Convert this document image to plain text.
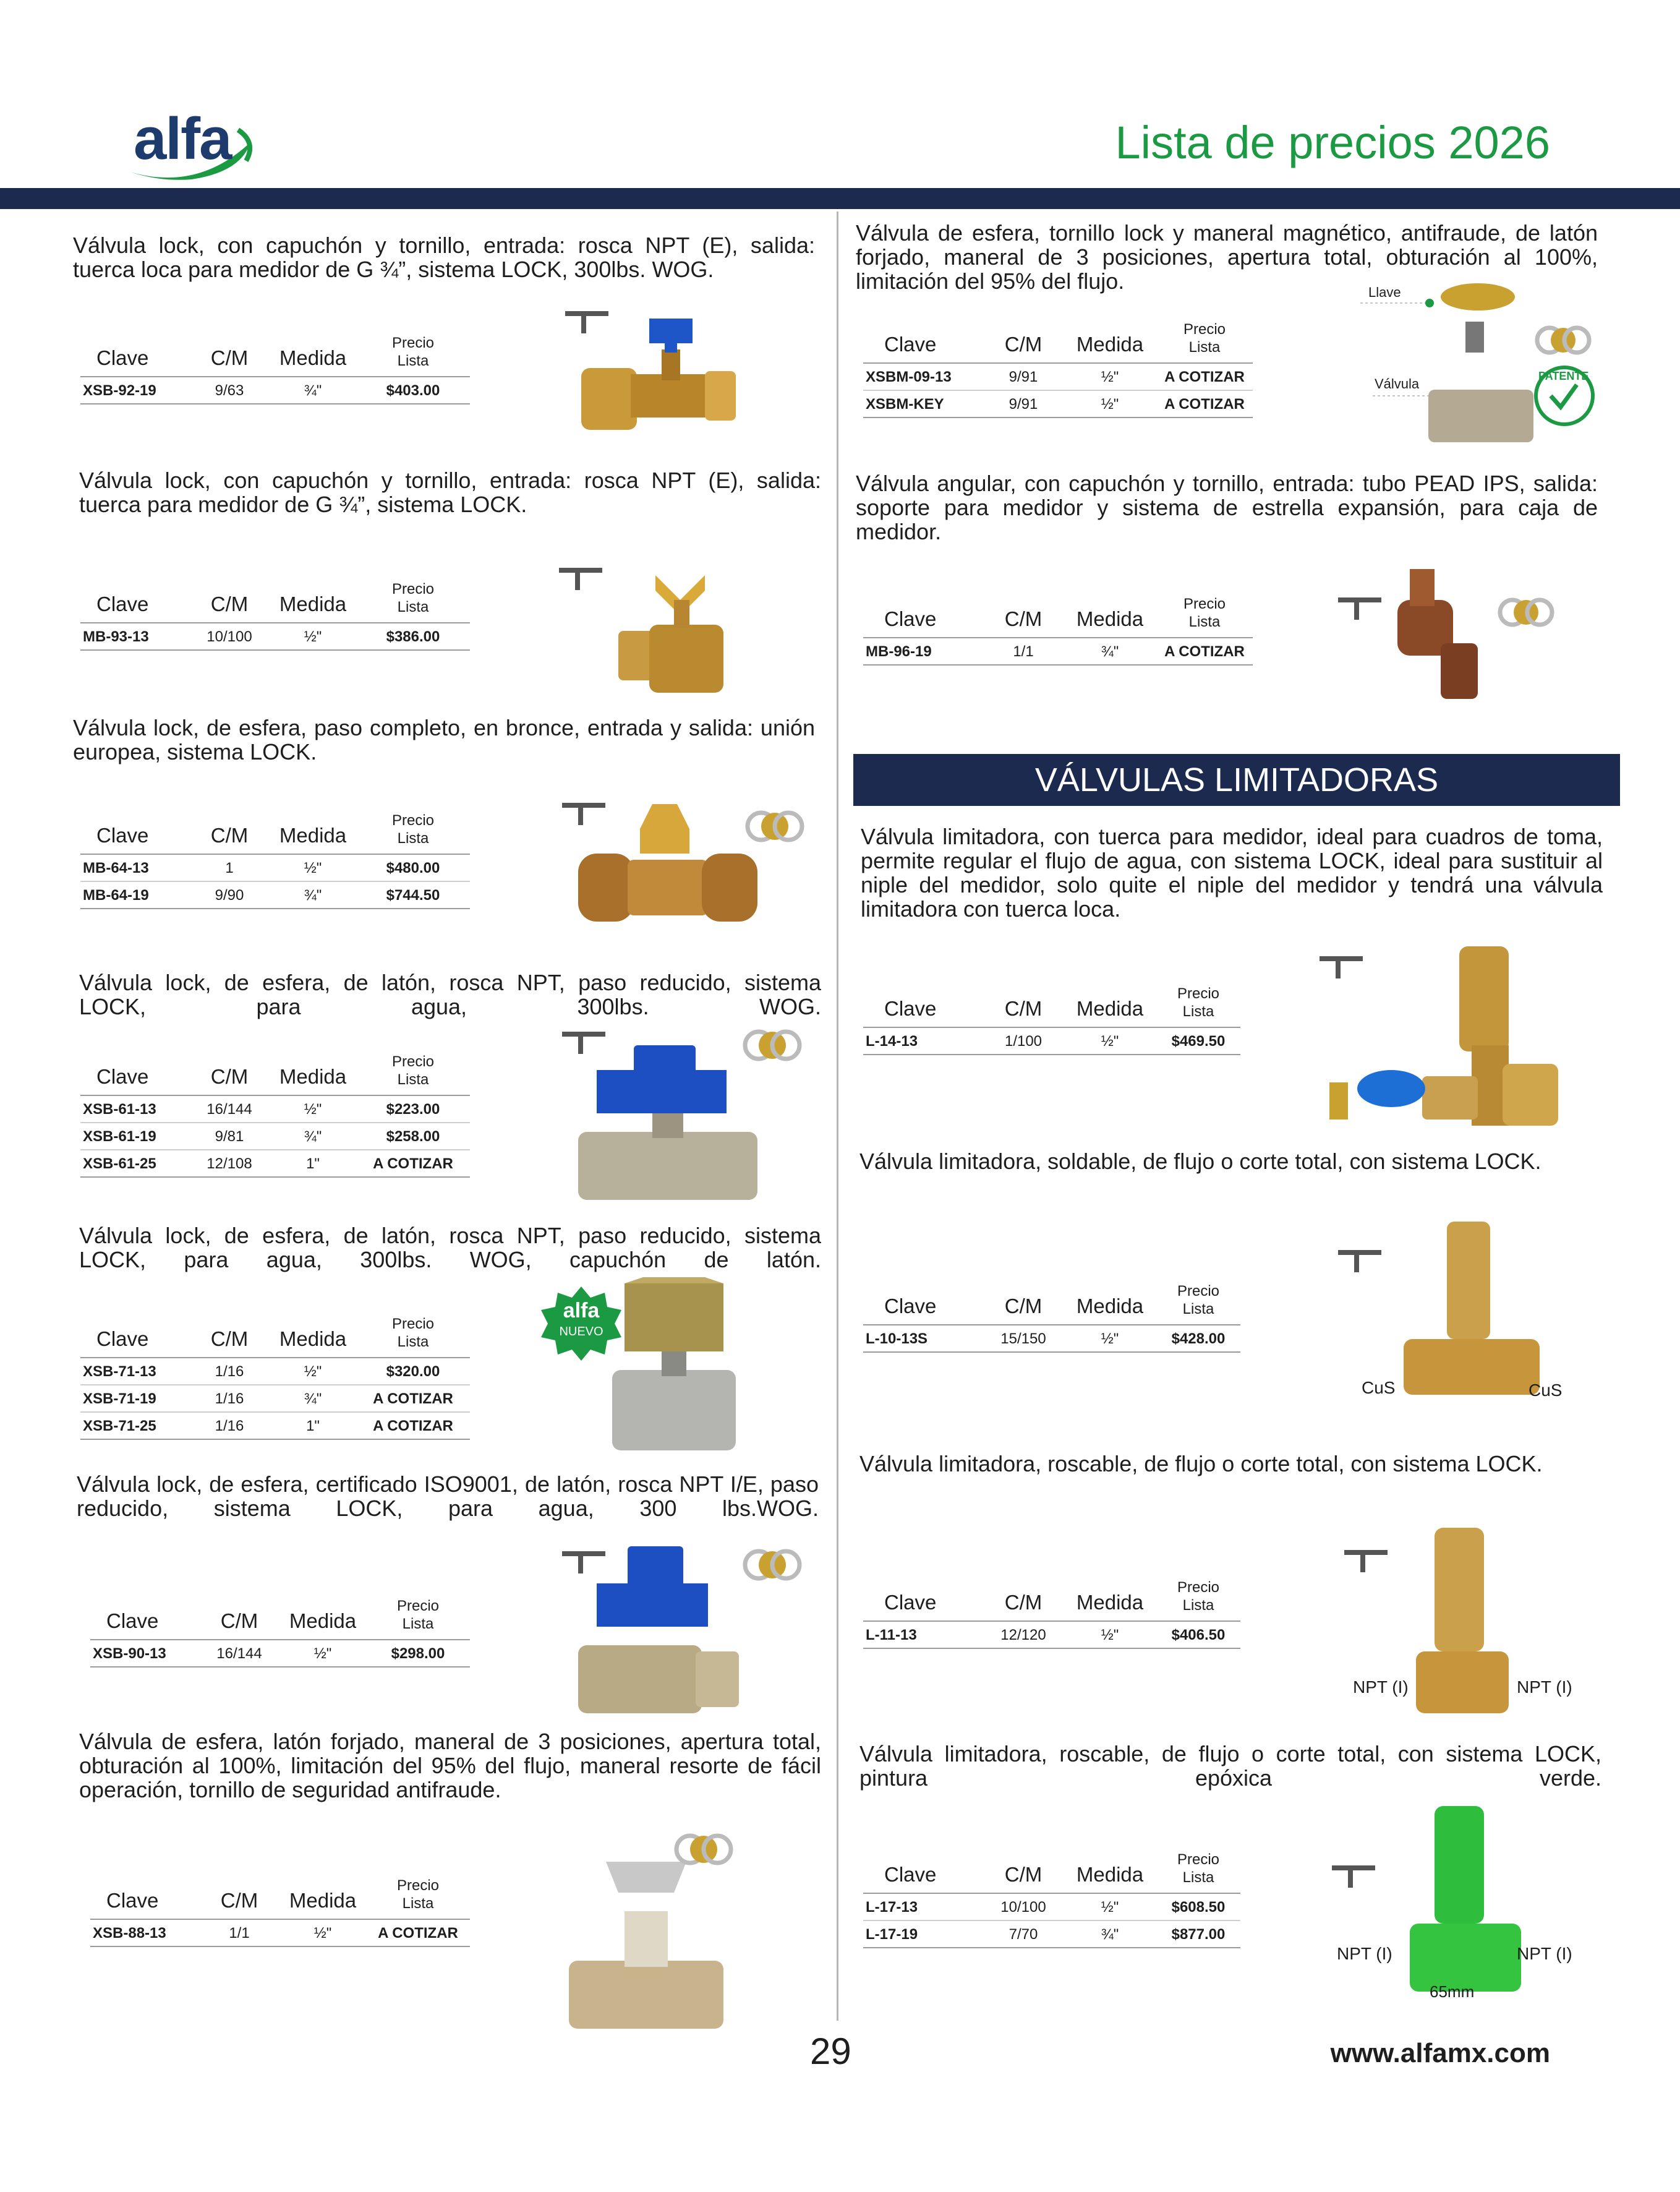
alfa	Lista de precios 2026
Válvula lock, con capuchón y tornillo, entrada: rosca NPT (E), salida: tuerca loca para medidor de G ¾”, sistema LOCK, 300lbs. WOG.
Clave	C/M	Medida	Precio
Lista
XSB-92-19	9/63	¾"	$403.00
Válvula lock, con capuchón y tornillo, entrada: rosca NPT (E), salida: tuerca para medidor de G ¾”, sistema LOCK.
Clave	C/M	Medida	Precio
Lista
MB-93-13	10/100	½"	$386.00
Válvula lock, de esfera, paso completo, en bronce, entrada y salida: unión europea, sistema LOCK.
Clave	C/M	Medida	Precio
Lista
MB-64-13	1	½"	$480.00
MB-64-19	9/90	¾"	$744.50
Válvula lock, de esfera, de latón, rosca NPT, paso reducido, sistema LOCK, para agua, 300lbs. WOG.
Clave	C/M	Medida	Precio
Lista
XSB-61-13	16/144	½"	$223.00
XSB-61-19	9/81	¾"	$258.00
XSB-61-25	12/108	1"	A COTIZAR
Válvula lock, de esfera, de latón, rosca NPT, paso reducido, sistema LOCK, para agua, 300lbs. WOG, capuchón de latón.
Clave	C/M	Medida	Precio
Lista
XSB-71-13	1/16	½"	$320.00
XSB-71-19	1/16	¾"	A COTIZAR
XSB-71-25	1/16	1"	A COTIZAR
alfa
NUEVO
Válvula lock, de esfera, certificado ISO9001, de latón, rosca NPT I/E, paso reducido, sistema LOCK, para agua, 300 lbs.WOG.
Clave	C/M	Medida	Precio
Lista
XSB-90-13	16/144	½"	$298.00
Válvula de esfera, latón forjado, maneral de 3 posiciones, apertura total, obturación al 100%, limitación del 95% del flujo, maneral resorte de fácil operación, tornillo de seguridad antifraude.
Clave	C/M	Medida	Precio
Lista
XSB-88-13	1/1	½"	A COTIZAR
Válvula de esfera, tornillo lock y maneral magnético, antifraude, de latón forjado, maneral de 3 posiciones, apertura total, obturación al 100%, limitación del 95% del flujo.
Clave	C/M	Medida	Precio
Lista
XSBM-09-13	9/91	½"	A COTIZAR
XSBM-KEY	9/91	½"	A COTIZAR
Llave
Válvula	PATENTE
Válvula angular, con capuchón y tornillo, entrada: tubo PEAD IPS, salida: soporte para medidor y sistema de estrella expansión, para caja de medidor.
Clave	C/M	Medida	Precio
Lista
MB-96-19	1/1	¾"	A COTIZAR
VÁLVULAS LIMITADORAS
Válvula limitadora, con tuerca para medidor, ideal para cuadros de toma, permite regular el flujo de agua, con sistema LOCK, ideal para sustituir al niple del medidor, solo quite el niple del medidor y tendrá una válvula limitadora con tuerca loca.
Clave	C/M	Medida	Precio
Lista
L-14-13	1/100	½"	$469.50
Válvula limitadora, soldable, de flujo o corte total, con sistema LOCK.
Clave	C/M	Medida	Precio
Lista
L-10-13S	15/150	½"	$428.00
CuS	CuS
Válvula limitadora, roscable, de flujo o corte total, con sistema LOCK.
Clave	C/M	Medida	Precio
Lista
L-11-13	12/120	½"	$406.50
NPT (I)	NPT (I)
Válvula limitadora, roscable, de flujo o corte total, con sistema LOCK, pintura epóxica verde.
Clave	C/M	Medida	Precio
Lista
L-17-13	10/100	½"	$608.50
L-17-19	7/70	¾"	$877.00
NPT (I)	NPT (I)
65mm
29	www.alfamx.com
